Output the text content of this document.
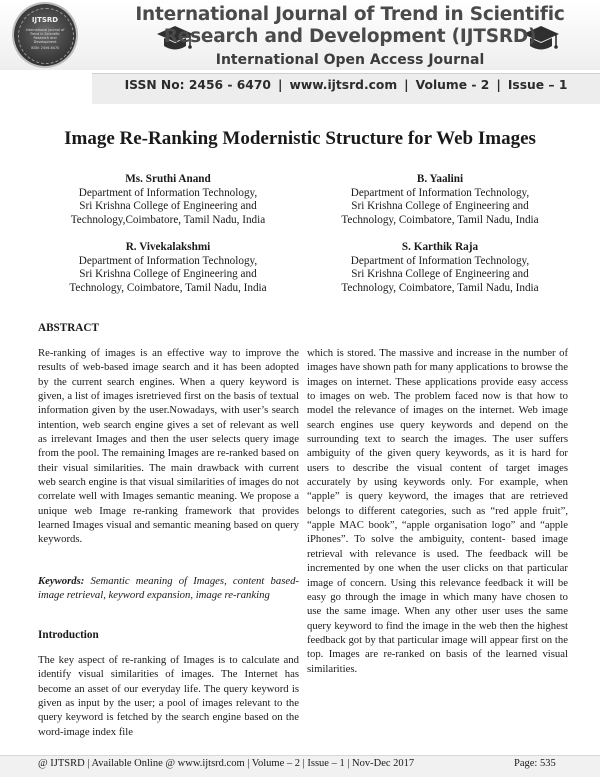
IJTSRD
International Journal of
Trend in Scientific
Research and
Development
ISSN: 2456-6470
International Journal of Trend in Scientific
Research and Development (IJTSRD)
International Open Access Journal
ISSN No: 2456 - 6470 | www.ijtsrd.com | Volume - 2 | Issue – 1
Image Re-Ranking Modernistic Structure for Web Images
Ms. Sruthi Anand
Department of Information Technology,
Sri Krishna College of Engineering and
Technology,Coimbatore, Tamil Nadu, India
B. Yaalini
Department of Information Technology,
Sri Krishna College of Engineering and
Technology, Coimbatore, Tamil Nadu, India
R. Vivekalakshmi
Department of Information Technology,
Sri Krishna College of Engineering and
Technology, Coimbatore, Tamil Nadu, India
S. Karthik Raja
Department of Information Technology,
Sri Krishna College of Engineering and
Technology, Coimbatore, Tamil Nadu, India
ABSTRACT
Re-ranking of images is an effective way to improve the results of web-based image search and it has been adopted by the current search engines. When a query keyword is given, a list of images isretrieved first on the basis of textual information given by the user.Nowadays, with user’s search intention, web search engine gives a set of relevant as well as irrelevant Images and then the user selects query image from the pool. The remaining Images are re-ranked based on their visual similarities. The main drawback with current web search engine is that visual similarities of images do not correlate well with Images semantic meaning. We propose a unique web Image re-ranking framework that provides learned Images visual and semantic meaning based on query keywords.
Keywords: Semantic meaning of Images, content based-image retrieval, keyword expansion, image re-ranking
Introduction
The key aspect of re-ranking of Images is to calculate and identify visual similarities of images. The Internet has become an asset of our everyday life. The query keyword is given as input by the user; a pool of images relevant to the query keyword is fetched by the search engine based on the word-image index file
which is stored. The massive and increase in the number of images have shown path for many applications to browse the images on internet. These applications provide easy access to images on web. The problem faced now is that how to model the relevance of images on the internet. Web image search engines use query keywords and depend on the surrounding text to search the images. The user suffers ambiguity of the given query keywords, as it is hard for users to describe the visual content of target images accurately by using keywords only. For example, when “apple” is query keyword, the images that are retrieved belongs to different categories, such as “red apple fruit”, “apple MAC book”, “apple organisation logo” and “apple iPhones”. To solve the ambiguity, content- based image retrieval with relevance is used. The feedback will be incremented by one when the user clicks on that particular image of concern. Using this relevance feedback it will be easy go through the image in which many have chosen to use the same image. When any other user uses the same query keyword to find the image in the web then the highest feedback got by that particular image will appear first on the top. Images are re-ranked on basis of the learned visual similarities.
@ IJTSRD | Available Online @ www.ijtsrd.com | Volume – 2 | Issue – 1 | Nov-Dec 2017	Page: 535
